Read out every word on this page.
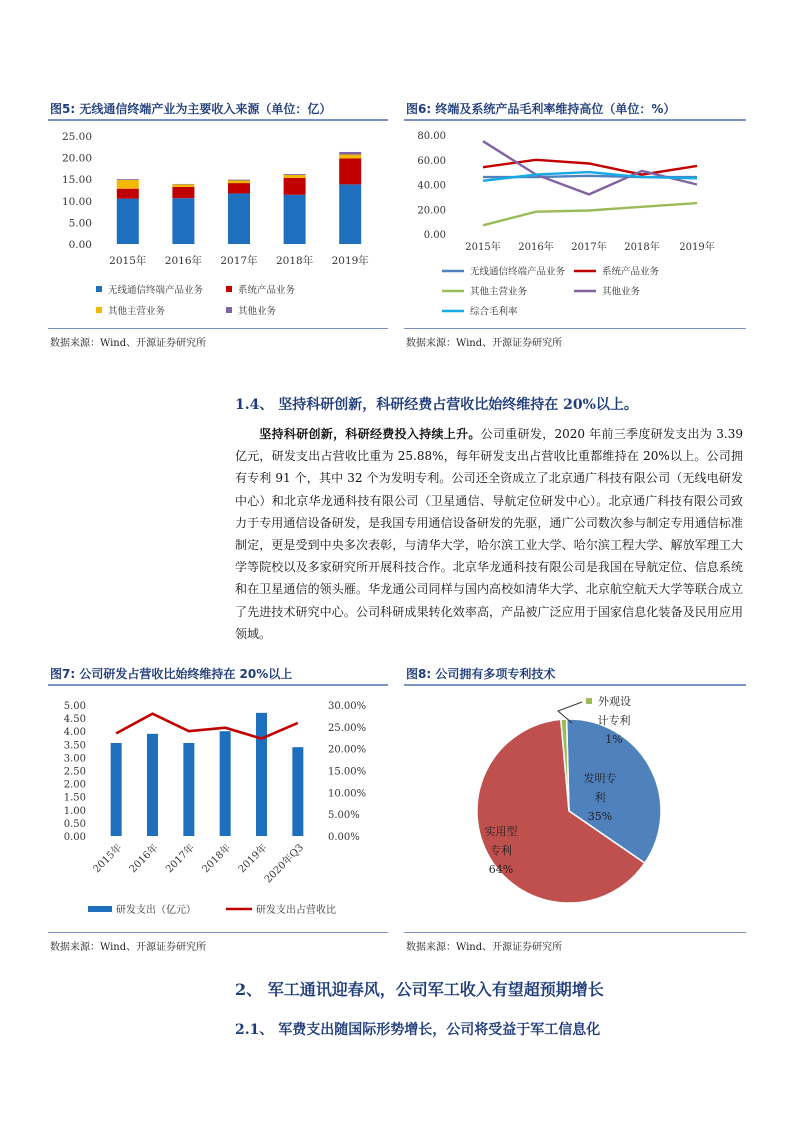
图5: 无线通信终端产业为主要收入来源（单位：亿）
0.00
5.00
10.00
15.00
20.00
25.00
2015年 2016年 2017年 2018年 2019年
无线通信终端产品业务	系统产品业务
其他主营业务	其他业务
数据来源：Wind、开源证券研究所
图6: 终端及系统产品毛利率维持高位（单位：%）
0.00
20.00
40.00
60.00
80.00
2015年 2016年 2017年 2018年 2019年
无线通信终端产品业务	系统产品业务
其他主营业务	其他业务
综合毛利率
数据来源：Wind、开源证券研究所
1.4、 坚持科研创新，科研经费占营收比始终维持在 20%以上。
坚持科研创新，科研经费投入持续上升。公司重研发，2020 年前三季度研发支出为 3.39 亿元，研发支出占营收比重为 25.88%，每年研发支出占营收比重都维持在 20%以上。公司拥有专利 91 个，其中 32 个为发明专利。公司还全资成立了北京通广科技有限公司（无线电研发中心）和北京华龙通科技有限公司（卫星通信、导航定位研发中心）。北京通广科技有限公司致力于专用通信设备研发，是我国专用通信设备研发的先驱，通广公司数次参与制定专用通信标准制定，更是受到中央多次表彰，与清华大学，哈尔滨工业大学、哈尔滨工程大学、解放军理工大学等院校以及多家研究所开展科技合作。北京华龙通科技有限公司是我国在导航定位、信息系统和在卫星通信的领头雁。华龙通公司同样与国内高校如清华大学、北京航空航天大学等联合成立了先进技术研究中心。公司科研成果转化效率高，产品被广泛应用于国家信息化装备及民用应用领域。
图7: 公司研发占营收比始终维持在 20%以上
0.00
0.50
1.00
1.50
2.00
2.50
3.00
3.50
4.00
4.50
5.00
0.00%
5.00%
10.00%
15.00%
20.00%
25.00%
30.00%
2015年 2016年 2017年 2018年 2019年
2020年Q3
研发支出（亿元）	研发支出占营收比
数据来源：Wind、开源证券研究所
图8: 公司拥有多项专利技术
发明专
利
35%
实用型
专利
64%
外观设
计专利
1%
数据来源：Wind、开源证券研究所
2、 军工通讯迎春风，公司军工收入有望超预期增长
2.1、 军费支出随国际形势增长，公司将受益于军工信息化
